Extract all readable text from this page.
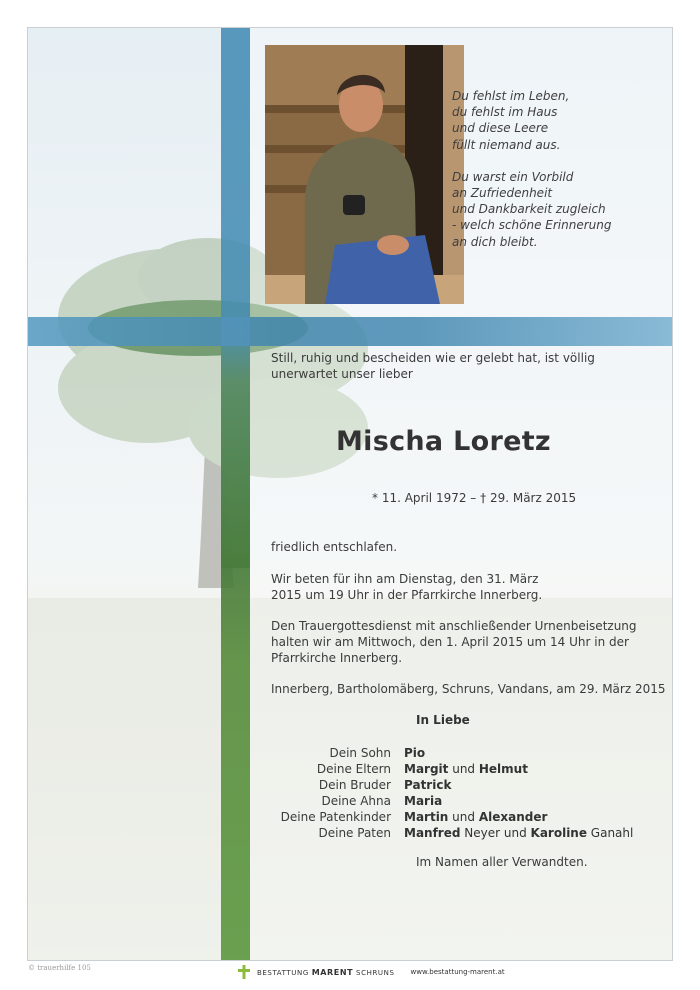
Du fehlst im Leben,
du fehlst im Haus
und diese Leere
füllt niemand aus.

Du warst ein Vorbild
an Zufriedenheit
und Dankbarkeit zugleich
- welch schöne Erinnerung
an dich bleibt.

Still, ruhig und bescheiden wie er gelebt hat, ist völlig unerwartet unser lieber
Mischa Loretz
* 11. April 1972 – † 29. März 2015
friedlich entschlafen.
Wir beten für ihn am Dienstag, den 31. März 2015 um 19 Uhr in der Pfarrkirche Innerberg.
Den Trauergottesdienst mit anschließender Urnenbeisetzung halten wir am Mittwoch, den 1. April 2015 um 14 Uhr in der Pfarrkirche Innerberg.
Innerberg, Bartholomäberg, Schruns, Vandans, am 29. März 2015
In Liebe
Dein Sohn	Pio
Deine Eltern	Margit und Helmut
Dein Bruder	Patrick
Deine Ahna	Maria
Deine Patenkinder	Martin und Alexander
Deine Paten	Manfred Neyer und Karoline Ganahl
Im Namen aller Verwandten.
© trauerhilfe 105
BESTATTUNG MARENT SCHRUNS www.bestattung-marent.at
